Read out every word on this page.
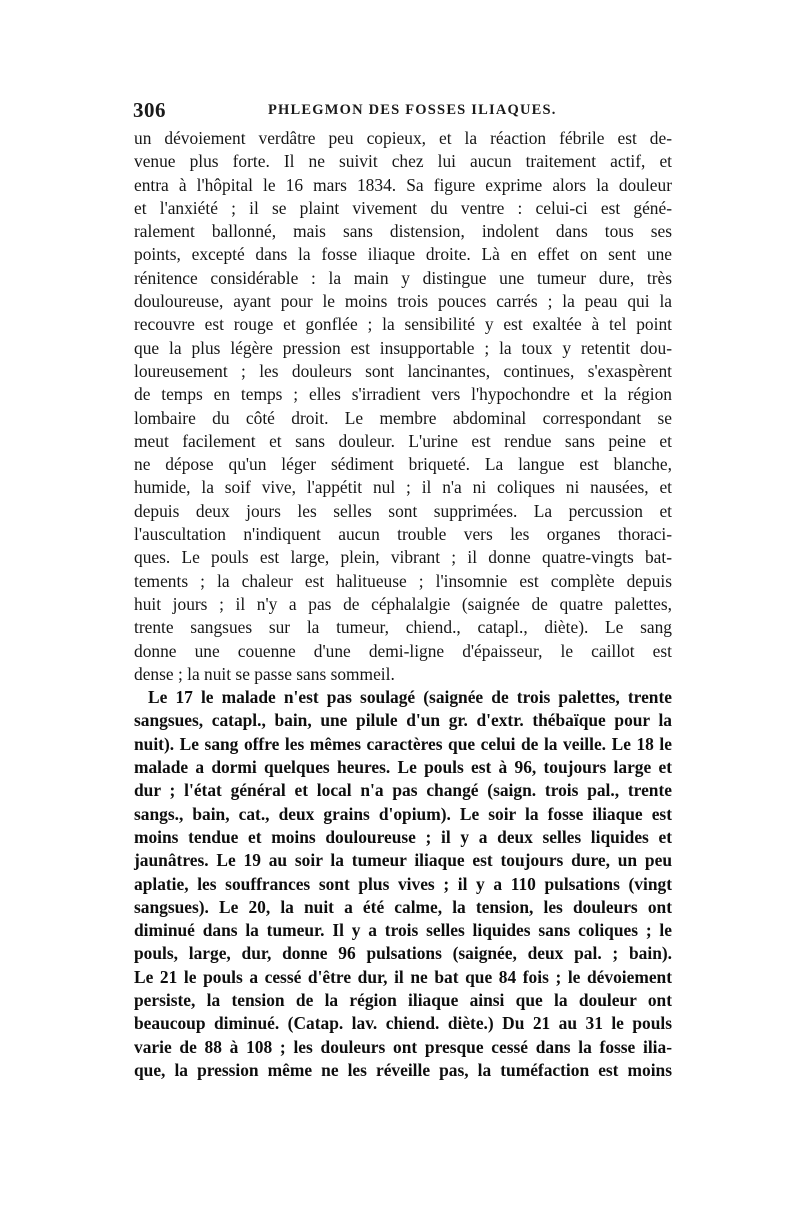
306	PHLEGMON DES FOSSES ILIAQUES.
un dévoiement verdâtre peu copieux, et la réaction fébrile est de-
venue plus forte. Il ne suivit chez lui aucun traitement actif, et
entra à l'hôpital le 16 mars 1834. Sa figure exprime alors la douleur
et l'anxiété ; il se plaint vivement du ventre : celui-ci est géné-
ralement ballonné, mais sans distension, indolent dans tous ses
points, excepté dans la fosse iliaque droite. Là en effet on sent une
rénitence considérable : la main y distingue une tumeur dure, très
douloureuse, ayant pour le moins trois pouces carrés ; la peau qui la
recouvre est rouge et gonflée ; la sensibilité y est exaltée à tel point
que la plus légère pression est insupportable ; la toux y retentit dou-
loureusement ; les douleurs sont lancinantes, continues, s'exaspèrent
de temps en temps ; elles s'irradient vers l'hypochondre et la région
lombaire du côté droit. Le membre abdominal correspondant se
meut facilement et sans douleur. L'urine est rendue sans peine et
ne dépose qu'un léger sédiment briqueté. La langue est blanche,
humide, la soif vive, l'appétit nul ; il n'a ni coliques ni nausées, et
depuis deux jours les selles sont supprimées. La percussion et
l'auscultation n'indiquent aucun trouble vers les organes thoraci-
ques. Le pouls est large, plein, vibrant ; il donne quatre-vingts bat-
tements ; la chaleur est halitueuse ; l'insomnie est complète depuis
huit jours ; il n'y a pas de céphalalgie (saignée de quatre palettes,
trente sangsues sur la tumeur, chiend., catapl., diète). Le sang
donne une couenne d'une demi-ligne d'épaisseur, le caillot est
dense ; la nuit se passe sans sommeil.
Le 17 le malade n'est pas soulagé (saignée de trois palettes, trente
sangsues, catapl., bain, une pilule d'un gr. d'extr. thébaïque pour la
nuit). Le sang offre les mêmes caractères que celui de la veille. Le 18 le
malade a dormi quelques heures. Le pouls est à 96, toujours large et
dur ; l'état général et local n'a pas changé (saign. trois pal., trente
sangs., bain, cat., deux grains d'opium). Le soir la fosse iliaque est
moins tendue et moins douloureuse ; il y a deux selles liquides et
jaunâtres. Le 19 au soir la tumeur iliaque est toujours dure, un peu
aplatie, les souffrances sont plus vives ; il y a 110 pulsations (vingt
sangsues). Le 20, la nuit a été calme, la tension, les douleurs ont
diminué dans la tumeur. Il y a trois selles liquides sans coliques ; le
pouls, large, dur, donne 96 pulsations (saignée, deux pal. ; bain).
Le 21 le pouls a cessé d'être dur, il ne bat que 84 fois ; le dévoiement
persiste, la tension de la région iliaque ainsi que la douleur ont
beaucoup diminué. (Catap. lav. chiend. diète.) Du 21 au 31 le pouls
varie de 88 à 108 ; les douleurs ont presque cessé dans la fosse ilia-
que, la pression même ne les réveille pas, la tuméfaction est moins
